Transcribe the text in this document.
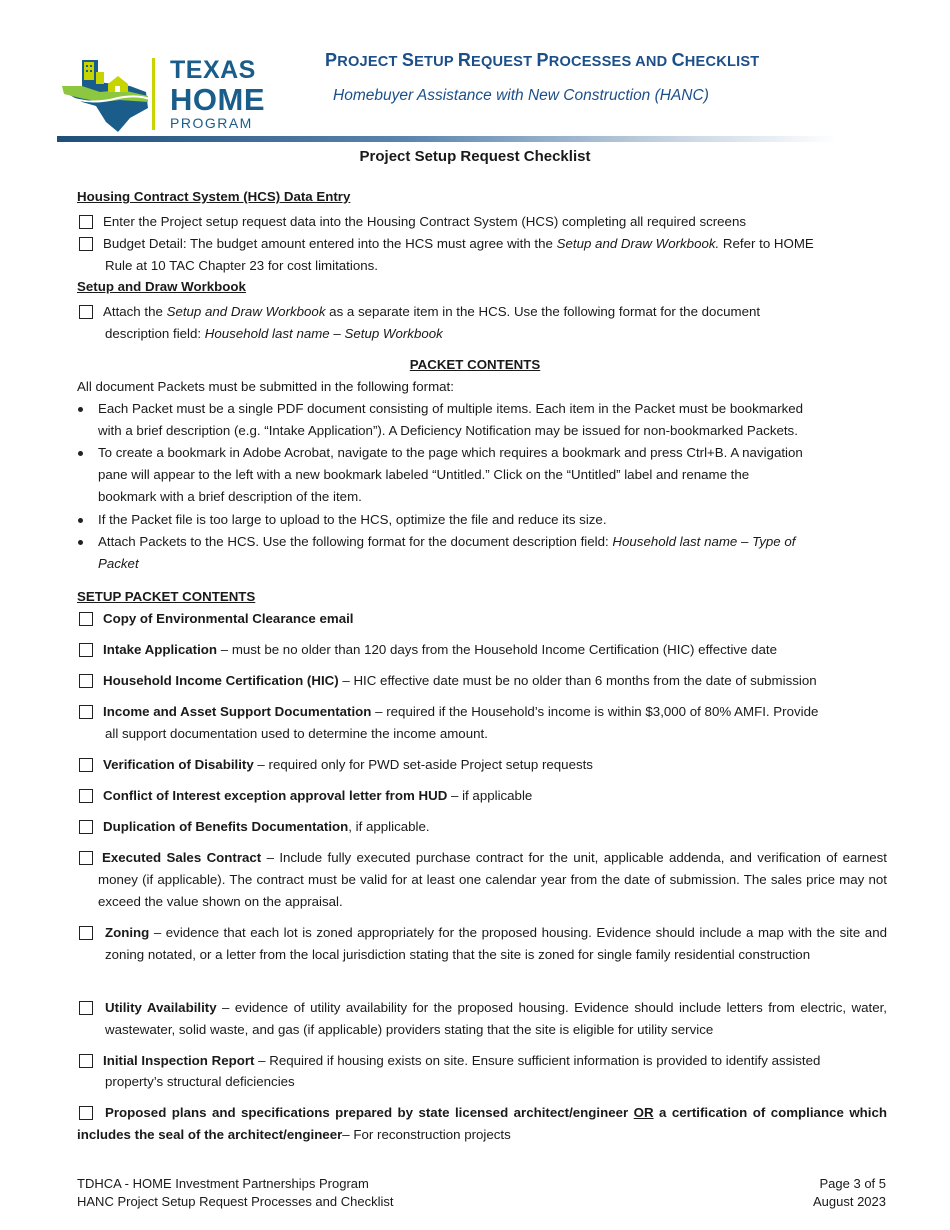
TEXAS
HOME
PROGRAM
PROJECT SETUP REQUEST PROCESSES AND CHECKLIST
Homebuyer Assistance with New Construction (HANC)
Project Setup Request Checklist
Housing Contract System (HCS) Data Entry
Enter the Project setup request data into the Housing Contract System (HCS) completing all required screens
Budget Detail: The budget amount entered into the HCS must agree with the Setup and Draw Workbook. Refer to HOME
Rule at 10 TAC Chapter 23 for cost limitations.
Setup and Draw Workbook
Attach the Setup and Draw Workbook as a separate item in the HCS. Use the following format for the document
description field: Household last name – Setup Workbook
PACKET CONTENTS
All document Packets must be submitted in the following format:
Each Packet must be a single PDF document consisting of multiple items. Each item in the Packet must be bookmarked
with a brief description (e.g. “Intake Application”). A Deficiency Notification may be issued for non-bookmarked Packets.
To create a bookmark in Adobe Acrobat, navigate to the page which requires a bookmark and press Ctrl+B. A navigation
pane will appear to the left with a new bookmark labeled “Untitled.” Click on the “Untitled” label and rename the
bookmark with a brief description of the item.
If the Packet file is too large to upload to the HCS, optimize the file and reduce its size.
Attach Packets to the HCS. Use the following format for the document description field: Household last name – Type of
Packet
SETUP PACKET CONTENTS
Copy of Environmental Clearance email
Intake Application – must be no older than 120 days from the Household Income Certification (HIC) effective date
Household Income Certification (HIC) – HIC effective date must be no older than 6 months from the date of submission
Income and Asset Support Documentation – required if the Household’s income is within $3,000 of 80% AMFI. Provide
all support documentation used to determine the income amount.
Verification of Disability – required only for PWD set-aside Project setup requests
Conflict of Interest exception approval letter from HUD – if applicable
Duplication of Benefits Documentation, if applicable.
Executed Sales Contract – Include fully executed purchase contract for the unit, applicable addenda, and verification of earnest money (if applicable). The contract must be valid for at least one calendar year from the date of submission. The sales price may not exceed the value shown on the appraisal.
Zoning – evidence that each lot is zoned appropriately for the proposed housing. Evidence should include a map with the site and zoning notated, or a letter from the local jurisdiction stating that the site is zoned for single family residential construction
Utility Availability – evidence of utility availability for the proposed housing. Evidence should include letters from electric, water, wastewater, solid waste, and gas (if applicable) providers stating that the site is eligible for utility service
Initial Inspection Report – Required if housing exists on site. Ensure sufficient information is provided to identify assisted
property’s structural deficiencies
Proposed plans and specifications prepared by state licensed architect/engineer OR a certification of compliance which includes the seal of the architect/engineer– For reconstruction projects
TDHCA - HOME Investment Partnerships Program
HANC Project Setup Request Processes and Checklist
Page 3 of 5
August 2023
